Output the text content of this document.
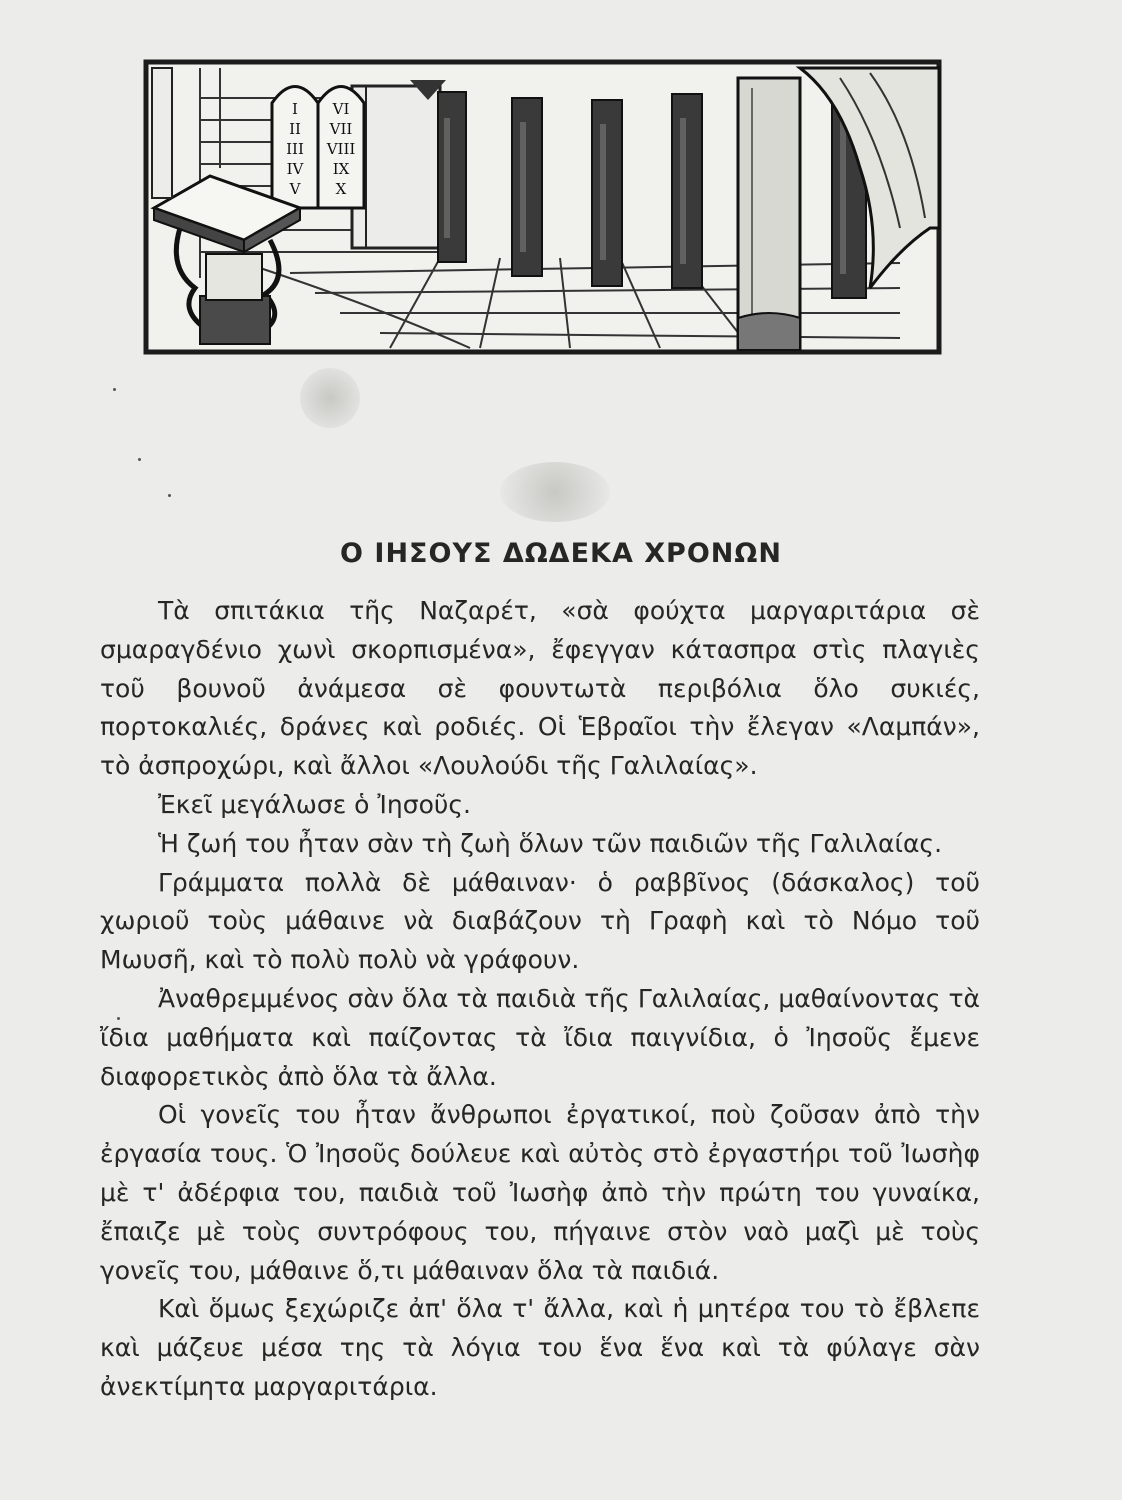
I
II
III
IV
V
VI
VII
VIII
IX
X
Ο ΙΗΣΟΥΣ ΔΩΔΕΚΑ ΧΡΟΝΩΝ

Τὰ σπιτάκια τῆς Ναζαρέτ, «σὰ φούχτα μαργαριτάρια σὲ σμαραγδένιο χωνὶ σκορπισμένα», ἔφεγγαν κάτασπρα στὶς πλαγιὲς τοῦ βουνοῦ ἀνάμεσα σὲ φουντωτὰ περιβόλια ὅλο συκιές, πορτοκαλιές, δράνες καὶ ροδιές. Οἱ Ἑβραῖοι τὴν ἔλεγαν «Λαμπάν», τὸ ἀσπροχώρι, καὶ ἄλλοι «Λουλούδι τῆς Γαλιλαίας».

Ἐκεῖ μεγάλωσε ὁ Ἰησοῦς.

Ἡ ζωή του ἦταν σὰν τὴ ζωὴ ὅλων τῶν παιδιῶν τῆς Γαλιλαίας.

Γράμματα πολλὰ δὲ μάθαιναν· ὁ ραββῖνος (δάσκαλος) τοῦ χωριοῦ τοὺς μάθαινε νὰ διαβάζουν τὴ Γραφὴ καὶ τὸ Νόμο τοῦ Μωυσῆ, καὶ τὸ πολὺ πολὺ νὰ γράφουν.

Ἀναθρεμμένος σὰν ὅλα τὰ παιδιὰ τῆς Γαλιλαίας, μαθαίνοντας τὰ ἴδια μαθήματα καὶ παίζοντας τὰ ἴδια παιγνίδια, ὁ Ἰησοῦς ἔμενε διαφορετικὸς ἀπὸ ὅλα τὰ ἄλλα.

Οἱ γονεῖς του ἦταν ἄνθρωποι ἐργατικοί, ποὺ ζοῦσαν ἀπὸ τὴν ἐργασία τους. Ὁ Ἰησοῦς δούλευε καὶ αὐτὸς στὸ ἐργαστήρι τοῦ Ἰωσὴφ μὲ τ' ἀδέρφια του, παιδιὰ τοῦ Ἰωσὴφ ἀπὸ τὴν πρώτη του γυναίκα, ἔπαιζε μὲ τοὺς συντρόφους του, πήγαινε στὸν ναὸ μαζὶ μὲ τοὺς γονεῖς του, μάθαινε ὅ,τι μάθαιναν ὅλα τὰ παιδιά.

Καὶ ὅμως ξεχώριζε ἀπ' ὅλα τ' ἄλλα, καὶ ἡ μητέρα του τὸ ἔβλεπε καὶ μάζευε μέσα της τὰ λόγια του ἕνα ἕνα καὶ τὰ φύλαγε σὰν ἀνεκτίμητα μαργαριτάρια.
